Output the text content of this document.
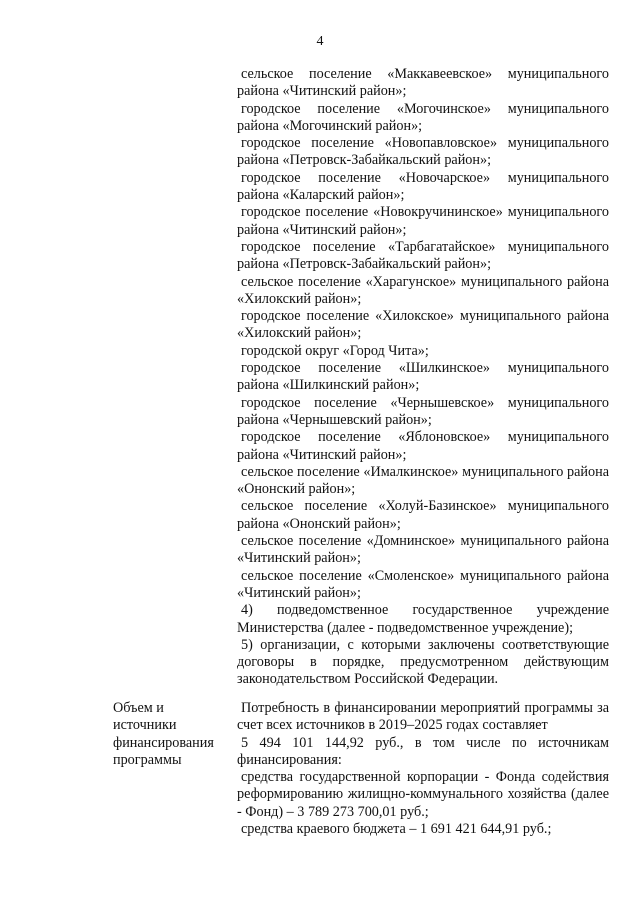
4

сельское поселение «Маккавеевское» муниципального района «Читинский район»;

городское поселение «Могочинское» муниципального района «Могочинский район»;

городское поселение «Новопавловское» муниципального района «Петровск-Забайкальский район»;

городское поселение «Новочарское» муниципального района «Каларский район»;

городское поселение «Новокручининское» муниципального района «Читинский район»;

городское поселение «Тарбагатайское» муниципального района «Петровск-Забайкальский район»;

сельское поселение «Харагунское» муниципального района «Хилокский район»;

городское поселение «Хилокское» муниципального района «Хилокский район»;

городской округ «Город Чита»;

городское поселение «Шилкинское» муниципального района «Шилкинский район»;

городское поселение «Чернышевское» муниципального района «Чернышевский район»;

городское поселение «Яблоновское» муниципального района «Читинский район»;

сельское поселение «Ималкинское» муниципального района «Ононский район»;

сельское поселение «Холуй-Базинское» муниципального района «Ононский район»;

сельское поселение «Домнинское» муниципального района «Читинский район»;

сельское поселение «Смоленское» муниципального района «Читинский район»;

4) подведомственное государственное учреждение Министерства (далее - подведомственное учреждение);

5) организации, с которыми заключены соответствующие договоры в порядке, предусмотренном действующим законодательством Российской Федерации.

Объем и
источники
финансирования
программы

Потребность в финансировании мероприятий программы за счет всех источников в 2019–2025 годах составляет

5 494 101 144,92 руб., в том числе по источникам финансирования:

средства государственной корпорации - Фонда содействия реформированию жилищно-коммунального хозяйства (далее - Фонд) – 3 789 273 700,01 руб.;

средства краевого бюджета – 1 691 421 644,91 руб.;
